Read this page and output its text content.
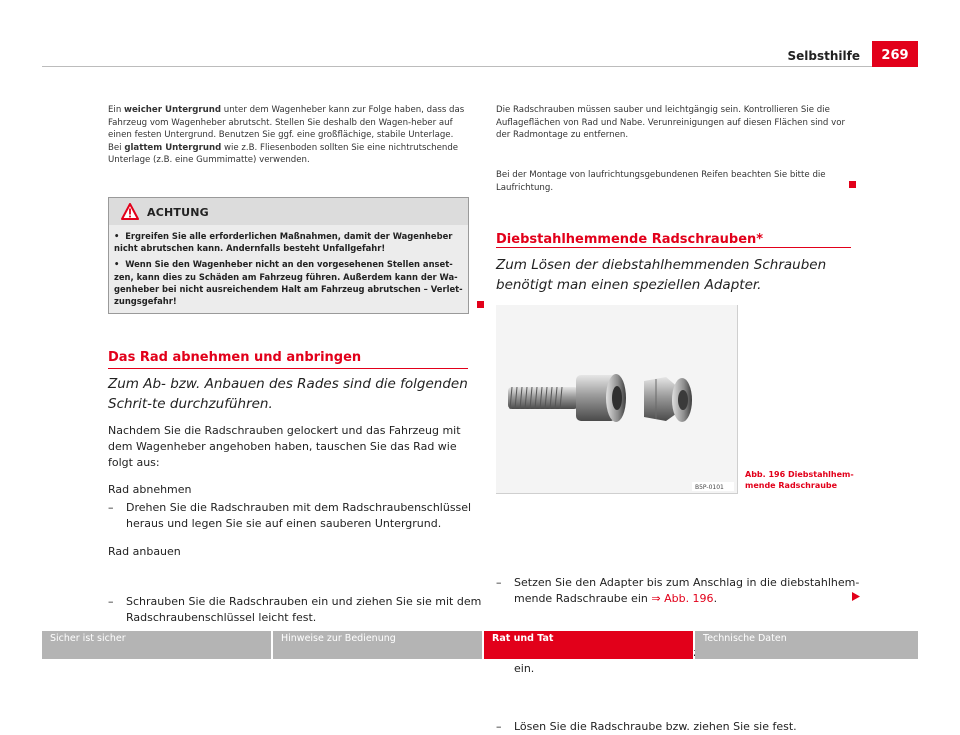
Selbsthilfe	269

Ein weicher Untergrund unter dem Wagenheber kann zur Folge haben, dass das Fahrzeug vom Wagenheber abrutscht. Stellen Sie deshalb den Wagen-heber auf einen festen Untergrund. Benutzen Sie ggf. eine großflächige, stabile Unterlage. Bei glattem Untergrund wie z.B. Fliesenboden sollten Sie eine nichtrutschende Unterlage (z.B. eine Gummimatte) verwenden.

ACHTUNG

•  Ergreifen Sie alle erforderlichen Maßnahmen, damit der Wagenheber nicht abrutschen kann. Andernfalls besteht Unfallgefahr!

•  Wenn Sie den Wagenheber nicht an den vorgesehenen Stellen anset-zen, kann dies zu Schäden am Fahrzeug führen. Außerdem kann der Wa-genheber bei nicht ausreichendem Halt am Fahrzeug abrutschen – Verlet-zungsgefahr!

Das Rad abnehmen und anbringen
Zum Ab- bzw. Anbauen des Rades sind die folgenden Schrit-te durchzuführen.

Nachdem Sie die Radschrauben gelockert und das Fahrzeug mit dem Wagenheber angehoben haben, tauschen Sie das Rad wie folgt aus:

Rad abnehmen
– Drehen Sie die Radschrauben mit dem Radschraubenschlüssel heraus und legen Sie sie auf einen sauberen Untergrund.
Rad anbauen
– Schrauben Sie die Radschrauben ein und ziehen Sie sie mit dem Radschraubenschlüssel leicht fest.

Die Radschrauben müssen sauber und leichtgängig sein. Kontrollieren Sie die Auflageflächen von Rad und Nabe. Verunreinigungen auf diesen Flächen sind vor der Radmontage zu entfernen.

Bei der Montage von laufrichtungsgebundenen Reifen beachten Sie bitte die Laufrichtung.

Diebstahlhemmende Radschrauben*
Zum Lösen der diebstahlhemmenden Schrauben benötigt man einen speziellen Adapter.
B5P-0101
Abb. 196 Diebstahlhem-mende Radschraube
– Setzen Sie den Adapter bis zum Anschlag in die diebstahlhem-mende Radschraube ein ⇒ Abb. 196.
– ein.
– Lösen Sie die Radschraube bzw. ziehen Sie sie fest.
Sicher ist sicher	Hinweise zur Bedienung	Rat und Tat	Technische Daten
